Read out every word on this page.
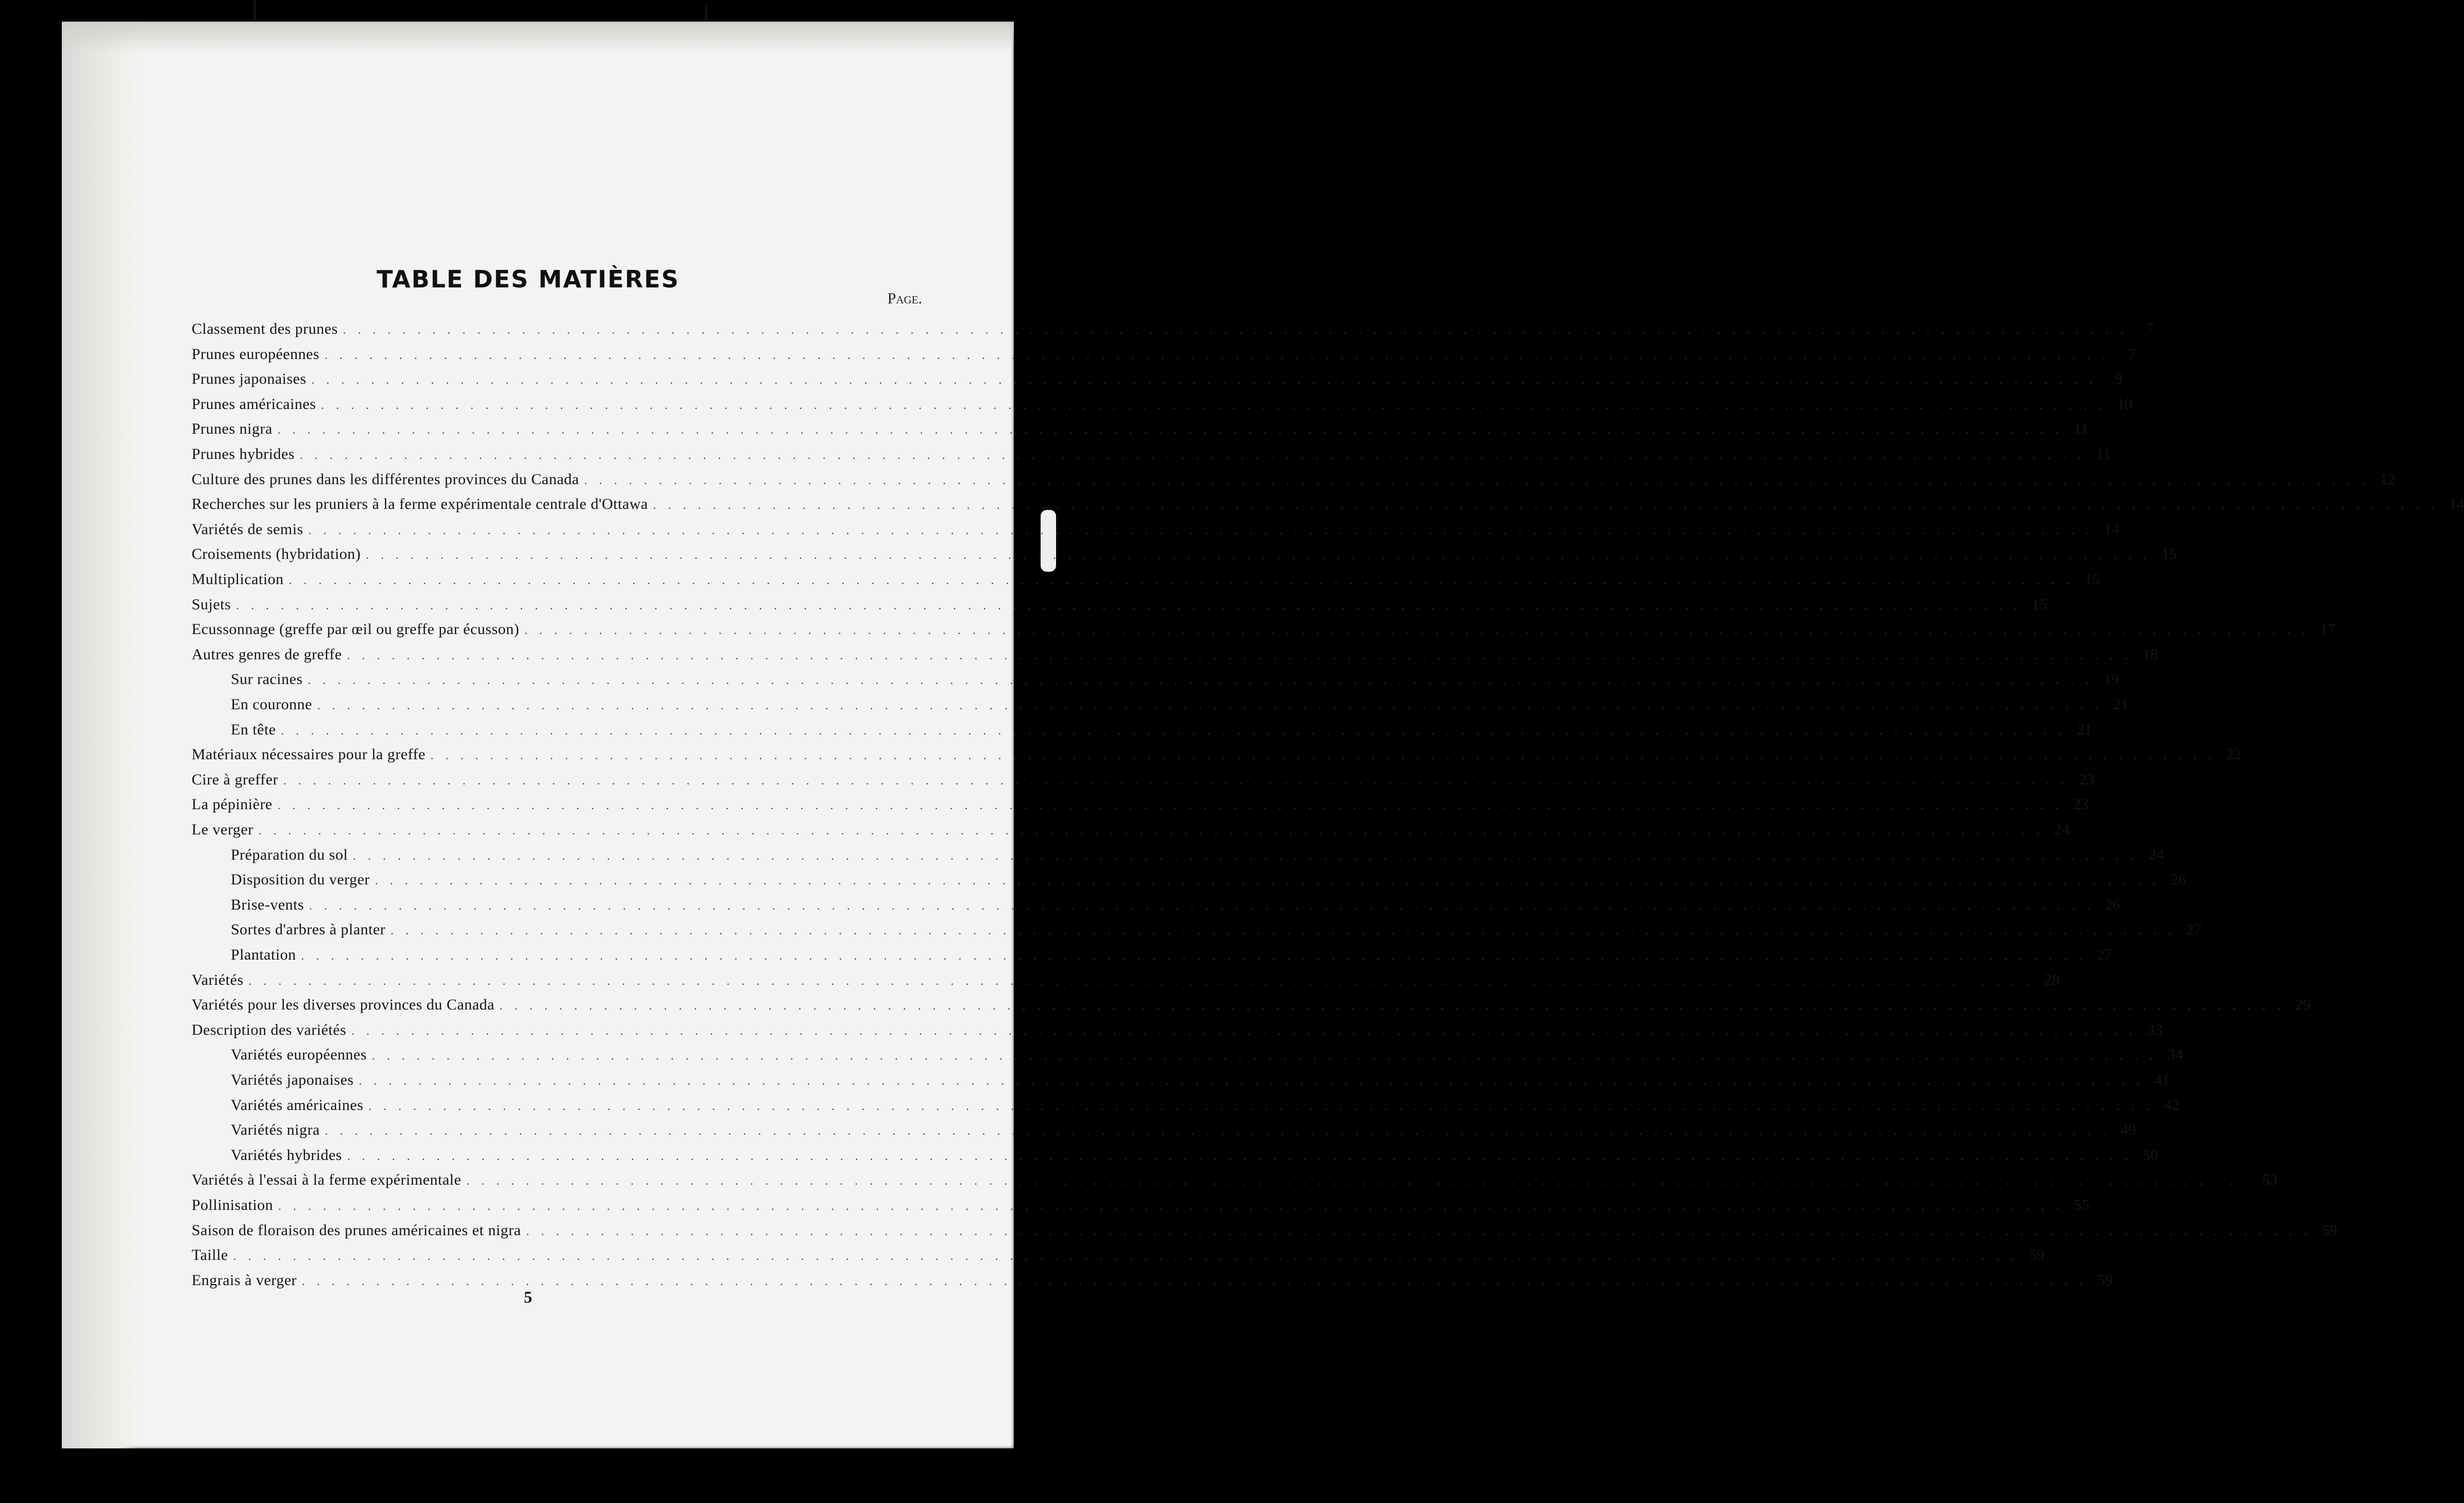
TABLE DES MATIÈRES
Page.
Classement des prunes . . . . . . . . . . . . . . . . . . . . . . . . . . . . . . . . . . . . . . . . . . . . . . . . . . . . . . . . . . . . . . . . . . . . . . . . . . . . . . . . . . . . . . . . . . . . . . . . . . . . . . . . . . . . . . . . . . . . . . . .	7
Prunes européennes . . . . . . . . . . . . . . . . . . . . . . . . . . . . . . . . . . . . . . . . . . . . . . . . . . . . . . . . . . . . . . . . . . . . . . . . . . . . . . . . . . . . . . . . . . . . . . . . . . . . . . . . . . . . . . . . . . . . . . . .	7
Prunes japonaises . . . . . . . . . . . . . . . . . . . . . . . . . . . . . . . . . . . . . . . . . . . . . . . . . . . . . . . . . . . . . . . . . . . . . . . . . . . . . . . . . . . . . . . . . . . . . . . . . . . . . . . . . . . . . . . . . . . . . . . .	9
Prunes américaines . . . . . . . . . . . . . . . . . . . . . . . . . . . . . . . . . . . . . . . . . . . . . . . . . . . . . . . . . . . . . . . . . . . . . . . . . . . . . . . . . . . . . . . . . . . . . . . . . . . . . . . . . . . . . . . . . . . . . . . . 10
Prunes nigra . . . . . . . . . . . . . . . . . . . . . . . . . . . . . . . . . . . . . . . . . . . . . . . . . . . . . . . . . . . . . . . . . . . . . . . . . . . . . . . . . . . . . . . . . . . . . . . . . . . . . . . . . . . . . . . . . . . . . . . . 11
Prunes hybrides . . . . . . . . . . . . . . . . . . . . . . . . . . . . . . . . . . . . . . . . . . . . . . . . . . . . . . . . . . . . . . . . . . . . . . . . . . . . . . . . . . . . . . . . . . . . . . . . . . . . . . . . . . . . . . . . . . . . . . . . 11
Culture des prunes dans les différentes provinces du Canada . . . . . . . . . . . . . . . . . . . . . . . . . . . . . . . . . . . . . . . . . . . . . . . . . . . . . . . . . . . . . . . . . . . . . . . . . . . . . . . . . . . . . . . . . . . . . . . . . . . . . . . . . . . . . . . . . . . . . . . . 12
Recherches sur les pruniers à la ferme expérimentale centrale d'Ottawa . . . . . . . . . . . . . . . . . . . . . . . . . . . . . . . . . . . . . . . . . . . . . . . . . . . . . . . . . . . . . . . . . . . . . . . . . . . . . . . . . . . . . . . . . . . . . . . . . . . . . . . . . . . . . . . . . . . . . . . . 14
Variétés de semis . . . . . . . . . . . . . . . . . . . . . . . . . . . . . . . . . . . . . . . . . . . . . . . . . . . . . . . . . . . . . . . . . . . . . . . . . . . . . . . . . . . . . . . . . . . . . . . . . . . . . . . . . . . . . . . . . . . . . . . . 14
Croisements (hybridation) . . . . . . . . . . . . . . . . . . . . . . . . . . . . . . . . . . . . . . . . . . . . . . . . . . . . . . . . . . . . . . . . . . . . . . . . . . . . . . . . . . . . . . . . . . . . . . . . . . . . . . . . . . . . . . . . . . . . . . . . 15
Multiplication . . . . . . . . . . . . . . . . . . . . . . . . . . . . . . . . . . . . . . . . . . . . . . . . . . . . . . . . . . . . . . . . . . . . . . . . . . . . . . . . . . . . . . . . . . . . . . . . . . . . . . . . . . . . . . . . . . . . . . . . 15
Sujets . . . . . . . . . . . . . . . . . . . . . . . . . . . . . . . . . . . . . . . . . . . . . . . . . . . . . . . . . . . . . . . . . . . . . . . . . . . . . . . . . . . . . . . . . . . . . . . . . . . . . . . . . . . . . . . . . . . . . . . . 15
Ecussonnage (greffe par œil ou greffe par écusson) . . . . . . . . . . . . . . . . . . . . . . . . . . . . . . . . . . . . . . . . . . . . . . . . . . . . . . . . . . . . . . . . . . . . . . . . . . . . . . . . . . . . . . . . . . . . . . . . . . . . . . . . . . . . . . . . . . . . . . . . 17
Autres genres de greffe . . . . . . . . . . . . . . . . . . . . . . . . . . . . . . . . . . . . . . . . . . . . . . . . . . . . . . . . . . . . . . . . . . . . . . . . . . . . . . . . . . . . . . . . . . . . . . . . . . . . . . . . . . . . . . . . . . . . . . . . 18
Sur racines . . . . . . . . . . . . . . . . . . . . . . . . . . . . . . . . . . . . . . . . . . . . . . . . . . . . . . . . . . . . . . . . . . . . . . . . . . . . . . . . . . . . . . . . . . . . . . . . . . . . . . . . . . . . . . . . . . . . . . . . 19
En couronne . . . . . . . . . . . . . . . . . . . . . . . . . . . . . . . . . . . . . . . . . . . . . . . . . . . . . . . . . . . . . . . . . . . . . . . . . . . . . . . . . . . . . . . . . . . . . . . . . . . . . . . . . . . . . . . . . . . . . . . . 21
En tête . . . . . . . . . . . . . . . . . . . . . . . . . . . . . . . . . . . . . . . . . . . . . . . . . . . . . . . . . . . . . . . . . . . . . . . . . . . . . . . . . . . . . . . . . . . . . . . . . . . . . . . . . . . . . . . . . . . . . . . . 21
Matériaux nécessaires pour la greffe . . . . . . . . . . . . . . . . . . . . . . . . . . . . . . . . . . . . . . . . . . . . . . . . . . . . . . . . . . . . . . . . . . . . . . . . . . . . . . . . . . . . . . . . . . . . . . . . . . . . . . . . . . . . . . . . . . . . . . . . 22
Cire à greffer . . . . . . . . . . . . . . . . . . . . . . . . . . . . . . . . . . . . . . . . . . . . . . . . . . . . . . . . . . . . . . . . . . . . . . . . . . . . . . . . . . . . . . . . . . . . . . . . . . . . . . . . . . . . . . . . . . . . . . . . 23
La pépinière . . . . . . . . . . . . . . . . . . . . . . . . . . . . . . . . . . . . . . . . . . . . . . . . . . . . . . . . . . . . . . . . . . . . . . . . . . . . . . . . . . . . . . . . . . . . . . . . . . . . . . . . . . . . . . . . . . . . . . . . 23
Le verger . . . . . . . . . . . . . . . . . . . . . . . . . . . . . . . . . . . . . . . . . . . . . . . . . . . . . . . . . . . . . . . . . . . . . . . . . . . . . . . . . . . . . . . . . . . . . . . . . . . . . . . . . . . . . . . . . . . . . . . . 24
Préparation du sol . . . . . . . . . . . . . . . . . . . . . . . . . . . . . . . . . . . . . . . . . . . . . . . . . . . . . . . . . . . . . . . . . . . . . . . . . . . . . . . . . . . . . . . . . . . . . . . . . . . . . . . . . . . . . . . . . . . . . . . . 24
Disposition du verger . . . . . . . . . . . . . . . . . . . . . . . . . . . . . . . . . . . . . . . . . . . . . . . . . . . . . . . . . . . . . . . . . . . . . . . . . . . . . . . . . . . . . . . . . . . . . . . . . . . . . . . . . . . . . . . . . . . . . . . . 26
Brise-vents . . . . . . . . . . . . . . . . . . . . . . . . . . . . . . . . . . . . . . . . . . . . . . . . . . . . . . . . . . . . . . . . . . . . . . . . . . . . . . . . . . . . . . . . . . . . . . . . . . . . . . . . . . . . . . . . . . . . . . . . 26
Sortes d'arbres à planter . . . . . . . . . . . . . . . . . . . . . . . . . . . . . . . . . . . . . . . . . . . . . . . . . . . . . . . . . . . . . . . . . . . . . . . . . . . . . . . . . . . . . . . . . . . . . . . . . . . . . . . . . . . . . . . . . . . . . . . . 27
Plantation . . . . . . . . . . . . . . . . . . . . . . . . . . . . . . . . . . . . . . . . . . . . . . . . . . . . . . . . . . . . . . . . . . . . . . . . . . . . . . . . . . . . . . . . . . . . . . . . . . . . . . . . . . . . . . . . . . . . . . . . 27
Variétés . . . . . . . . . . . . . . . . . . . . . . . . . . . . . . . . . . . . . . . . . . . . . . . . . . . . . . . . . . . . . . . . . . . . . . . . . . . . . . . . . . . . . . . . . . . . . . . . . . . . . . . . . . . . . . . . . . . . . . . . 28
Variétés pour les diverses provinces du Canada . . . . . . . . . . . . . . . . . . . . . . . . . . . . . . . . . . . . . . . . . . . . . . . . . . . . . . . . . . . . . . . . . . . . . . . . . . . . . . . . . . . . . . . . . . . . . . . . . . . . . . . . . . . . . . . . . . . . . . . . 29
Description des variétés . . . . . . . . . . . . . . . . . . . . . . . . . . . . . . . . . . . . . . . . . . . . . . . . . . . . . . . . . . . . . . . . . . . . . . . . . . . . . . . . . . . . . . . . . . . . . . . . . . . . . . . . . . . . . . . . . . . . . . . . 33
Variétés européennes . . . . . . . . . . . . . . . . . . . . . . . . . . . . . . . . . . . . . . . . . . . . . . . . . . . . . . . . . . . . . . . . . . . . . . . . . . . . . . . . . . . . . . . . . . . . . . . . . . . . . . . . . . . . . . . . . . . . . . . . 34
Variétés japonaises . . . . . . . . . . . . . . . . . . . . . . . . . . . . . . . . . . . . . . . . . . . . . . . . . . . . . . . . . . . . . . . . . . . . . . . . . . . . . . . . . . . . . . . . . . . . . . . . . . . . . . . . . . . . . . . . . . . . . . . . 41
Variétés américaines . . . . . . . . . . . . . . . . . . . . . . . . . . . . . . . . . . . . . . . . . . . . . . . . . . . . . . . . . . . . . . . . . . . . . . . . . . . . . . . . . . . . . . . . . . . . . . . . . . . . . . . . . . . . . . . . . . . . . . . . 42
Variétés nigra . . . . . . . . . . . . . . . . . . . . . . . . . . . . . . . . . . . . . . . . . . . . . . . . . . . . . . . . . . . . . . . . . . . . . . . . . . . . . . . . . . . . . . . . . . . . . . . . . . . . . . . . . . . . . . . . . . . . . . . . 49
Variétés hybrides . . . . . . . . . . . . . . . . . . . . . . . . . . . . . . . . . . . . . . . . . . . . . . . . . . . . . . . . . . . . . . . . . . . . . . . . . . . . . . . . . . . . . . . . . . . . . . . . . . . . . . . . . . . . . . . . . . . . . . . . 50
Variétés à l'essai à la ferme expérimentale . . . . . . . . . . . . . . . . . . . . . . . . . . . . . . . . . . . . . . . . . . . . . . . . . . . . . . . . . . . . . . . . . . . . . . . . . . . . . . . . . . . . . . . . . . . . . . . . . . . . . . . . . . . . . . . . . . . . . . . . 53
Pollinisation . . . . . . . . . . . . . . . . . . . . . . . . . . . . . . . . . . . . . . . . . . . . . . . . . . . . . . . . . . . . . . . . . . . . . . . . . . . . . . . . . . . . . . . . . . . . . . . . . . . . . . . . . . . . . . . . . . . . . . . . 55
Saison de floraison des prunes américaines et nigra . . . . . . . . . . . . . . . . . . . . . . . . . . . . . . . . . . . . . . . . . . . . . . . . . . . . . . . . . . . . . . . . . . . . . . . . . . . . . . . . . . . . . . . . . . . . . . . . . . . . . . . . . . . . . . . . . . . . . . . . 59
Taille . . . . . . . . . . . . . . . . . . . . . . . . . . . . . . . . . . . . . . . . . . . . . . . . . . . . . . . . . . . . . . . . . . . . . . . . . . . . . . . . . . . . . . . . . . . . . . . . . . . . . . . . . . . . . . . . . . . . . . . . 59
Engrais à verger . . . . . . . . . . . . . . . . . . . . . . . . . . . . . . . . . . . . . . . . . . . . . . . . . . . . . . . . . . . . . . . . . . . . . . . . . . . . . . . . . . . . . . . . . . . . . . . . . . . . . . . . . . . . . . . . . . . . . . . . 59
5
